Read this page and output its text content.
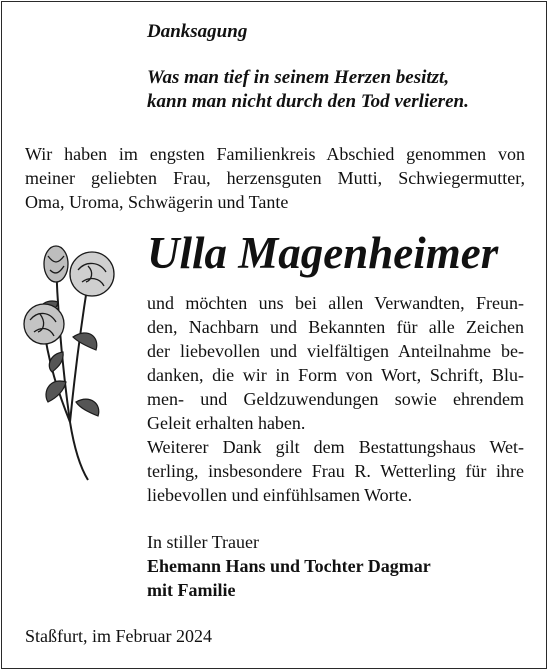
Danksagung
Was man tief in seinem Herzen besitzt,
kann man nicht durch den Tod verlieren.
Wir haben im engsten Familienkreis Abschied genommen von
meiner geliebten Frau, herzensguten Mutti, Schwiegermutter,
Oma, Uroma, Schwägerin und Tante
Ulla Magenheimer
und möchten uns bei allen Verwandten, Freun-
den, Nachbarn und Bekannten für alle Zeichen
der liebevollen und vielfältigen Anteilnahme be-
danken, die wir in Form von Wort, Schrift, Blu-
men- und Geldzuwendungen sowie ehrendem
Geleit erhalten haben.
Weiterer Dank gilt dem Bestattungshaus Wet-
terling, insbesondere Frau R. Wetterling für ihre
liebevollen und einfühlsamen Worte.
In stiller Trauer
Ehemann Hans und Tochter Dagmar
mit Familie
Staßfurt, im Februar 2024
